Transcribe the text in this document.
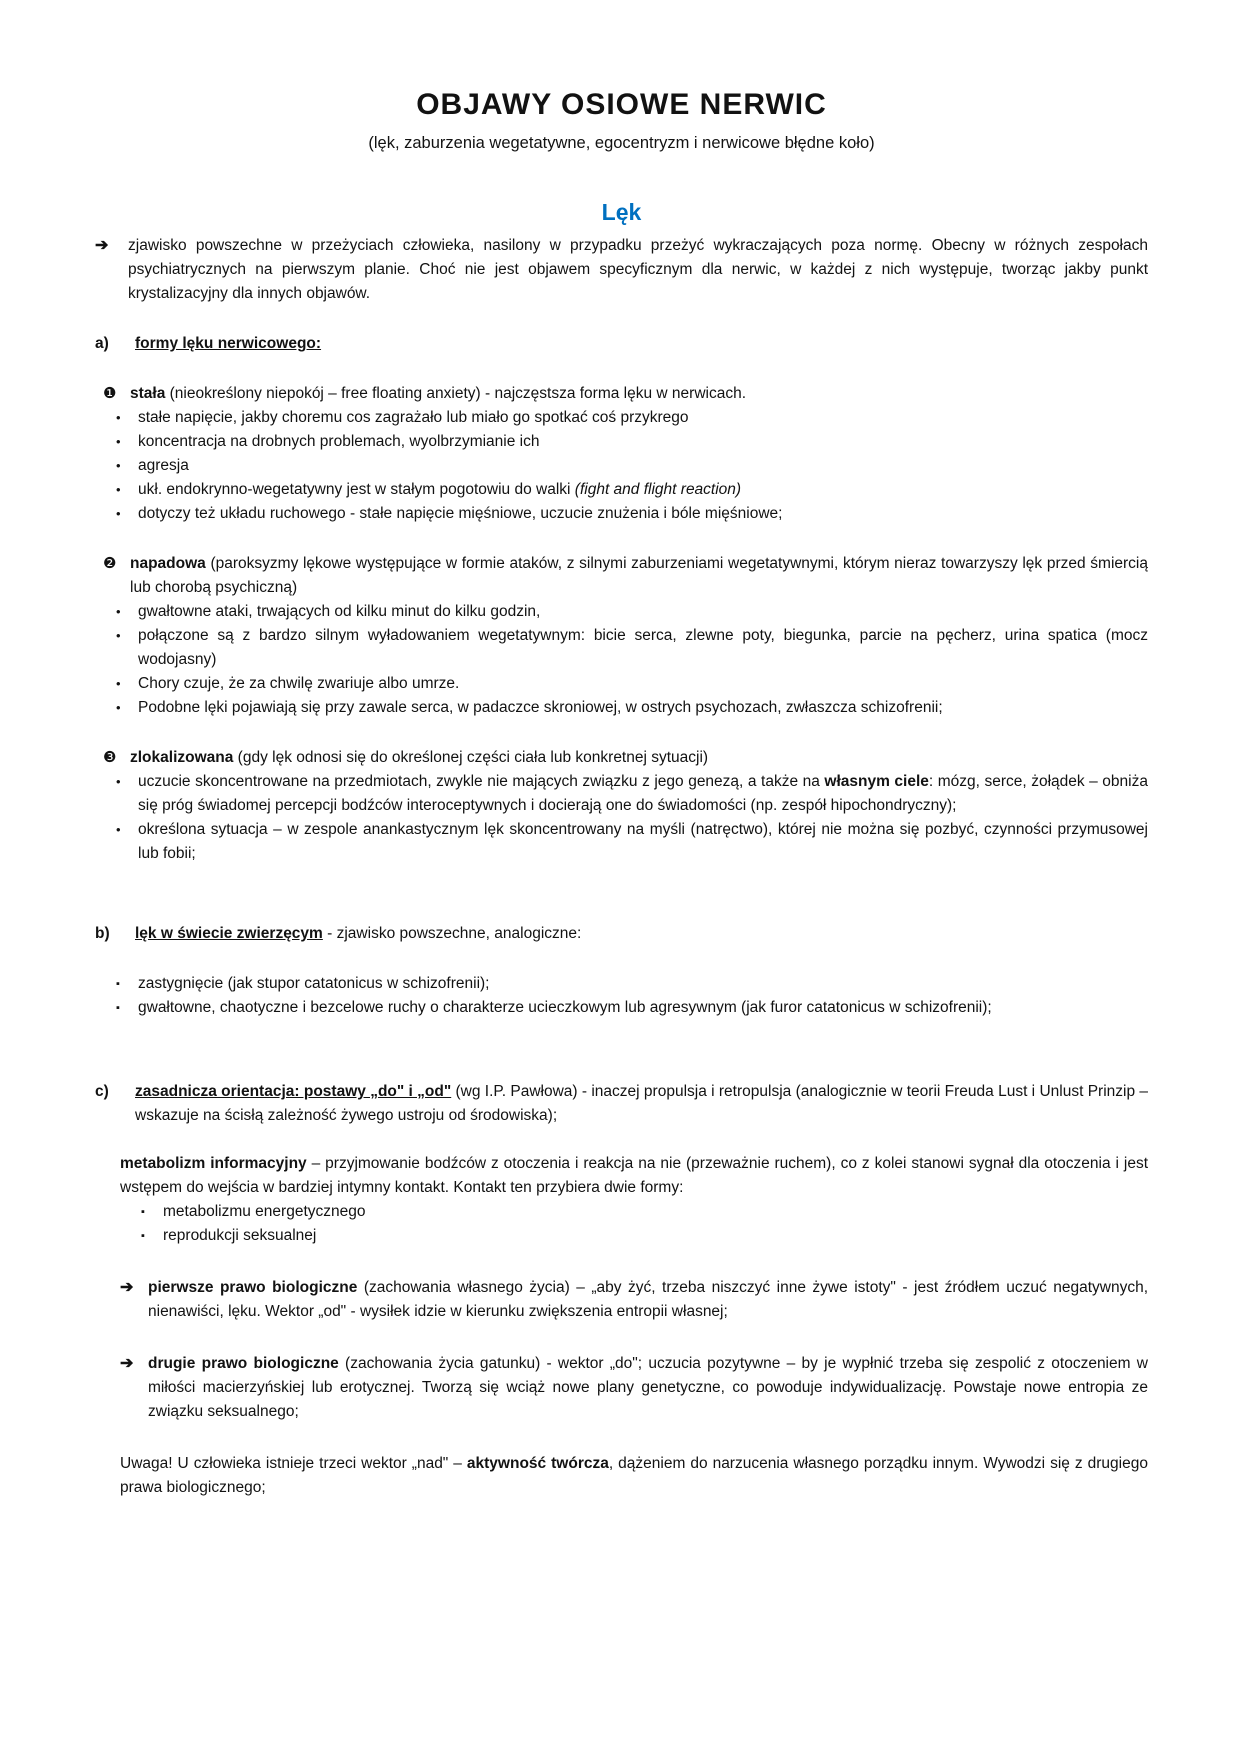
OBJAWY OSIOWE NERWIC

(lęk, zaburzenia wegetatywne, egocentryzm i nerwicowe błędne koło)

Lęk
➔	zjawisko powszechne w przeżyciach człowieka, nasilony w przypadku przeżyć wykraczających poza normę. Obecny w różnych zespołach psychiatrycznych na pierwszym planie. Choć nie jest objawem specyficznym dla nerwic, w każdej z nich występuje, tworząc jakby punkt krystalizacyjny dla innych objawów.

a)	formy lęku nerwicowego:

❶ stała (nieokreślony niepokój – free floating anxiety) - najczęstsza forma lęku w nerwicach.

•	stałe napięcie, jakby choremu cos zagrażało lub miało go spotkać coś przykrego

•	koncentracja na drobnych problemach, wyolbrzymianie ich

•	agresja

•	ukł. endokrynno-wegetatywny jest w stałym pogotowiu do walki (fight and flight reaction)

•	dotyczy też układu ruchowego - stałe napięcie mięśniowe, uczucie znużenia i bóle mięśniowe;

❷ napadowa (paroksyzmy lękowe występujące w formie ataków, z silnymi zaburzeniami wegetatywnymi, którym nieraz towarzyszy lęk przed śmiercią lub chorobą psychiczną)

•	gwałtowne ataki, trwających od kilku minut do kilku godzin,

•	połączone są z bardzo silnym wyładowaniem wegetatywnym: bicie serca, zlewne poty, biegunka, parcie na pęcherz, urina spatica (mocz wodojasny)

•	Chory czuje, że za chwilę zwariuje albo umrze.

•	Podobne lęki pojawiają się przy zawale serca, w padaczce skroniowej, w ostrych psychozach, zwłaszcza schizofrenii;

❸ zlokalizowana (gdy lęk odnosi się do określonej części ciała lub konkretnej sytuacji)

•	uczucie skoncentrowane na przedmiotach, zwykle nie mających związku z jego genezą, a także na własnym ciele: mózg, serce, żołądek – obniża się próg świadomej percepcji bodźców interoceptywnych i docierają one do świadomości (np. zespół hipochondryczny);

•	określona sytuacja – w zespole anankastycznym lęk skoncentrowany na myśli (natręctwo), której nie można się pozbyć, czynności przymusowej lub fobii;

b)	lęk w świecie zwierzęcym - zjawisko powszechne, analogiczne:

▪	zastygnięcie (jak stupor catatonicus w schizofrenii);

▪	gwałtowne, chaotyczne i bezcelowe ruchy o charakterze ucieczkowym lub agresywnym (jak furor catatonicus w schizofrenii);

c)	zasadnicza orientacja: postawy „do" i „od" (wg I.P. Pawłowa) - inaczej propulsja i retropulsja (analogicznie w teorii Freuda Lust i Unlust Prinzip – wskazuje na ścisłą zależność żywego ustroju od środowiska);

metabolizm informacyjny – przyjmowanie bodźców z otoczenia i reakcja na nie (przeważnie ruchem), co z kolei stanowi sygnał dla otoczenia i jest wstępem do wejścia w bardziej intymny kontakt. Kontakt ten przybiera dwie formy:

▪	metabolizmu energetycznego

▪	reprodukcji seksualnej

➔ pierwsze prawo biologiczne (zachowania własnego życia) – „aby żyć, trzeba niszczyć inne żywe istoty" - jest źródłem uczuć negatywnych, nienawiści, lęku. Wektor „od" - wysiłek idzie w kierunku zwiększenia entropii własnej;

➔ drugie prawo biologiczne (zachowania życia gatunku) - wektor „do"; uczucia pozytywne – by je wypłnić trzeba się zespolić z otoczeniem w miłości macierzyńskiej lub erotycznej. Tworzą się wciąż nowe plany genetyczne, co powoduje indywidualizację. Powstaje nowe entropia ze związku seksualnego;

Uwaga! U człowieka istnieje trzeci wektor „nad" – aktywność twórcza, dążeniem do narzucenia własnego porządku innym. Wywodzi się z drugiego prawa biologicznego;
